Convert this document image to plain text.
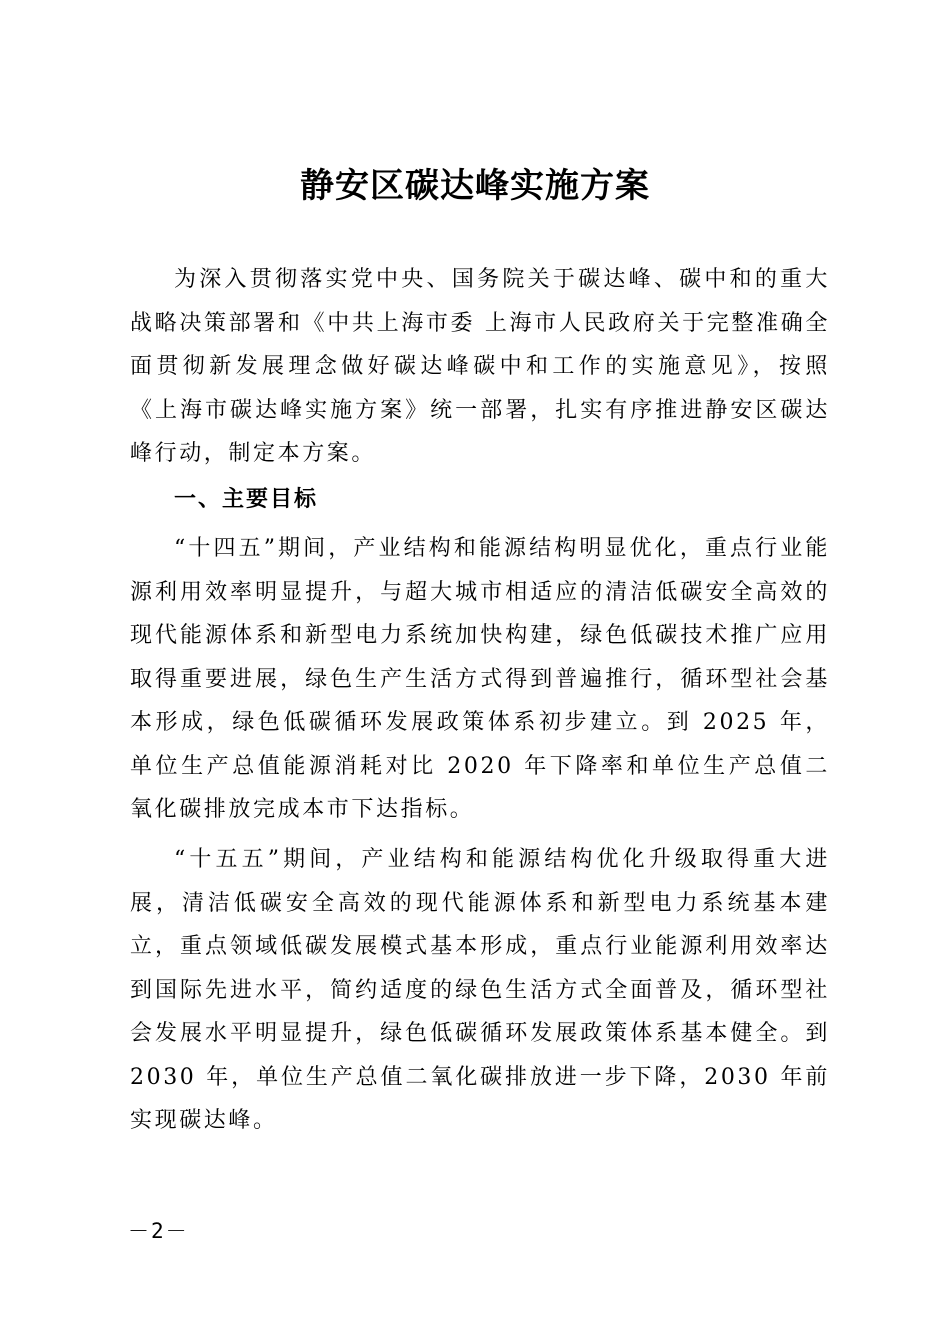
静安区碳达峰实施方案

为深入贯彻落实党中央、国务院关于碳达峰、碳中和的重大战略决策部署和《中共上海市委 上海市人民政府关于完整准确全面贯彻新发展理念做好碳达峰碳中和工作的实施意见》，按照《上海市碳达峰实施方案》统一部署，扎实有序推进静安区碳达峰行动，制定本方案。

一、主要目标

“十四五”期间，产业结构和能源结构明显优化，重点行业能源利用效率明显提升，与超大城市相适应的清洁低碳安全高效的现代能源体系和新型电力系统加快构建，绿色低碳技术推广应用取得重要进展，绿色生产生活方式得到普遍推行，循环型社会基本形成，绿色低碳循环发展政策体系初步建立。到 2025 年，单位生产总值能源消耗对比 2020 年下降率和单位生产总值二氧化碳排放完成本市下达指标。

“十五五”期间，产业结构和能源结构优化升级取得重大进展，清洁低碳安全高效的现代能源体系和新型电力系统基本建立，重点领域低碳发展模式基本形成，重点行业能源利用效率达到国际先进水平，简约适度的绿色生活方式全面普及，循环型社会发展水平明显提升，绿色低碳循环发展政策体系基本健全。到 2030 年，单位生产总值二氧化碳排放进一步下降，2030 年前实现碳达峰。

－2－
